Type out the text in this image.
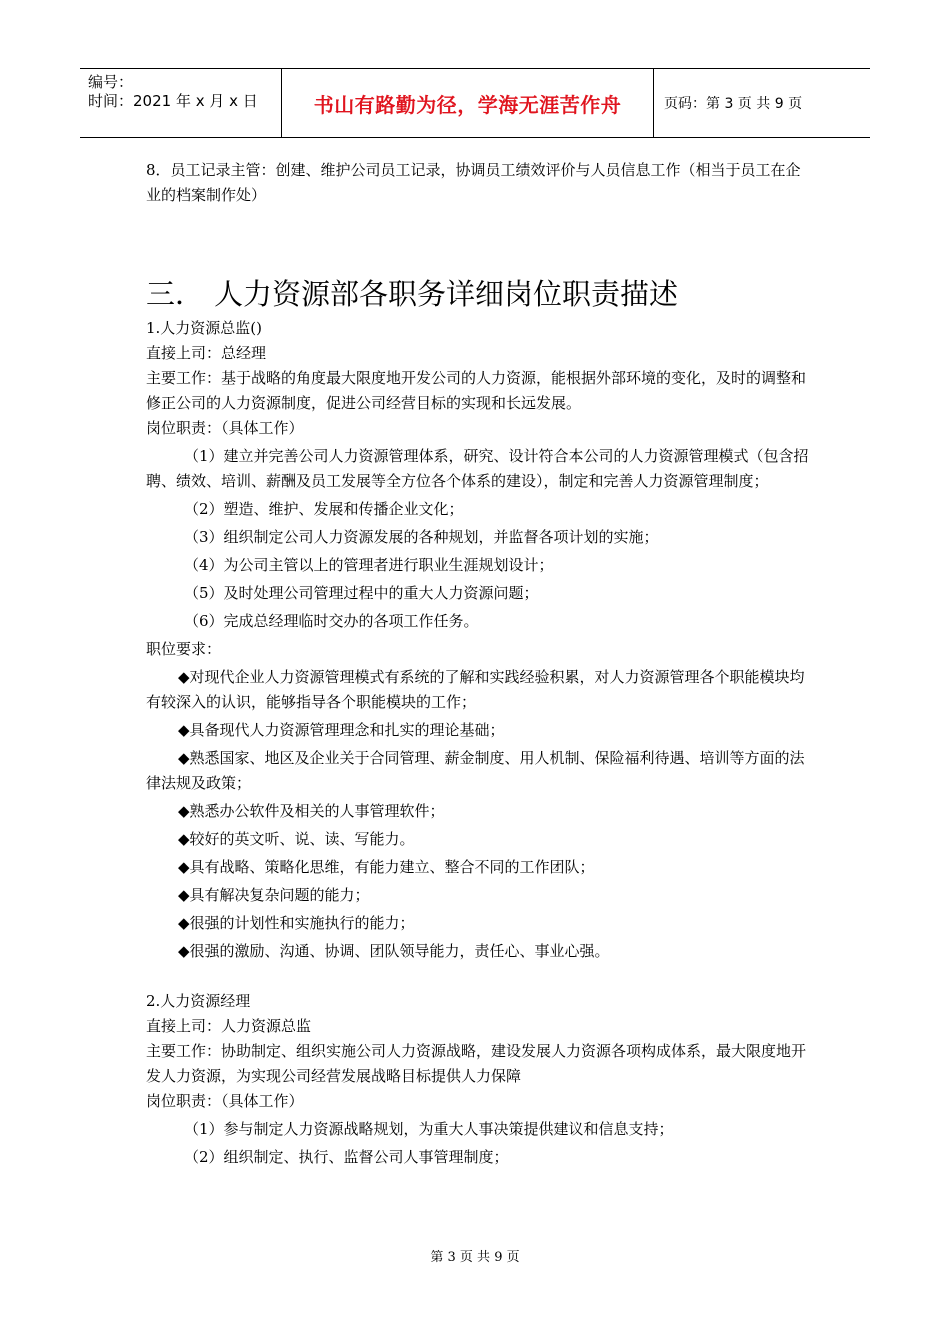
编号：
时间：2021 年 x 月 x 日	书山有路勤为径，学海无涯苦作舟	页码：第 3 页 共 9 页

8．员工记录主管：创建、维护公司员工记录，协调员工绩效评价与人员信息工作（相当于员工在企业的档案制作处）

三． 人力资源部各职务详细岗位职责描述

1.人力资源总监()

直接上司：总经理

主要工作：基于战略的角度最大限度地开发公司的人力资源，能根据外部环境的变化，及时的调整和修正公司的人力资源制度，促进公司经营目标的实现和长远发展。

岗位职责：（具体工作）

（1）建立并完善公司人力资源管理体系，研究、设计符合本公司的人力资源管理模式（包含招聘、绩效、培训、薪酬及员工发展等全方位各个体系的建设），制定和完善人力资源管理制度；

（2）塑造、维护、发展和传播企业文化；

（3）组织制定公司人力资源发展的各种规划，并监督各项计划的实施；

（4）为公司主管以上的管理者进行职业生涯规划设计；

（5）及时处理公司管理过程中的重大人力资源问题；

（6）完成总经理临时交办的各项工作任务。

职位要求：

◆对现代企业人力资源管理模式有系统的了解和实践经验积累，对人力资源管理各个职能模块均有较深入的认识，能够指导各个职能模块的工作；

◆具备现代人力资源管理理念和扎实的理论基础；

◆熟悉国家、地区及企业关于合同管理、薪金制度、用人机制、保险福利待遇、培训等方面的法律法规及政策；

◆熟悉办公软件及相关的人事管理软件；

◆较好的英文听、说、读、写能力。

◆具有战略、策略化思维，有能力建立、整合不同的工作团队；

◆具有解决复杂问题的能力；

◆很强的计划性和实施执行的能力；

◆很强的激励、沟通、协调、团队领导能力，责任心、事业心强。

2.人力资源经理

直接上司：人力资源总监

主要工作：协助制定、组织实施公司人力资源战略，建设发展人力资源各项构成体系，最大限度地开发人力资源，为实现公司经营发展战略目标提供人力保障

岗位职责：（具体工作）

（1）参与制定人力资源战略规划，为重大人事决策提供建议和信息支持；

（2）组织制定、执行、监督公司人事管理制度；

第 3 页 共 9 页
